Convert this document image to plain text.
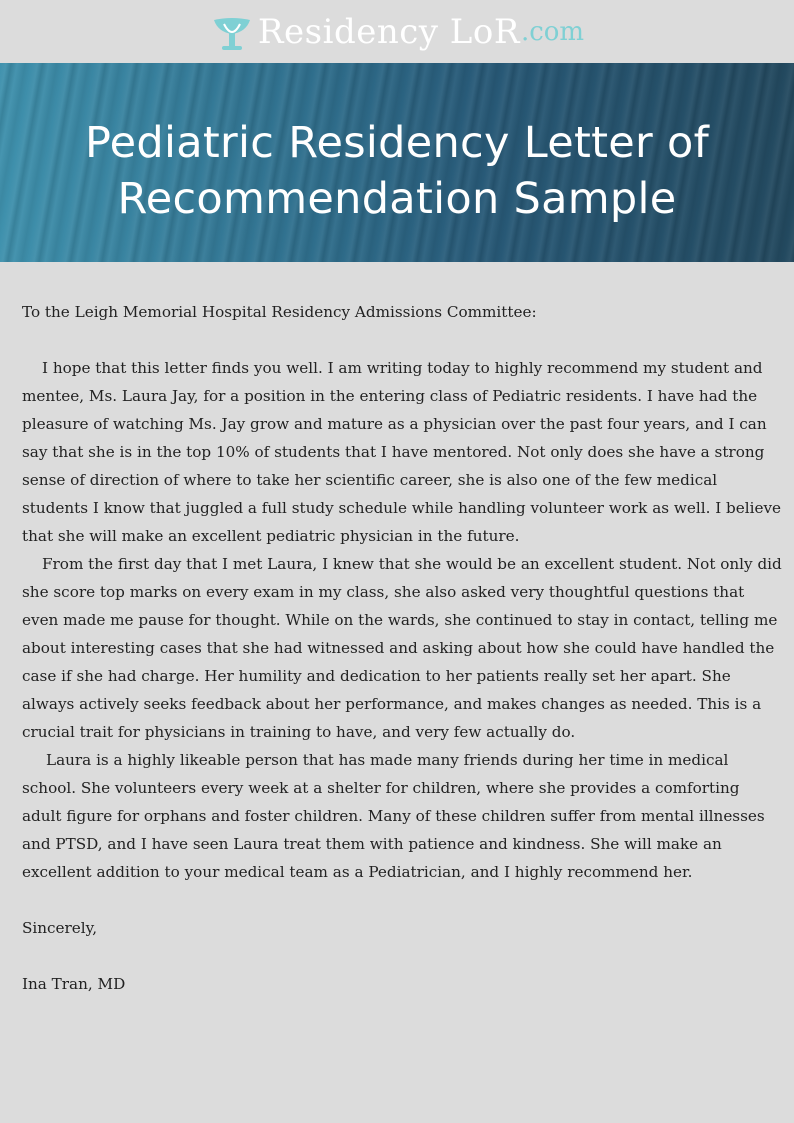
Residency LoR .com
Pediatric Residency Letter of
Recommendation Sample

To the Leigh Memorial Hospital Residency Admissions Committee:

I hope that this letter finds you well. I am writing today to highly recommend my student and mentee, Ms. Laura Jay, for a position in the entering class of Pediatric residents. I have had the pleasure of watching Ms. Jay grow and mature as a physician over the past four years, and I can say that she is in the top 10% of students that I have mentored. Not only does she have a strong sense of direction of where to take her scientific career, she is also one of the few medical students I know that juggled a full study schedule while handling volunteer work as well. I believe that she will make an excellent pediatric physician in the future.

From the first day that I met Laura, I knew that she would be an excellent student. Not only did she score top marks on every exam in my class, she also asked very thoughtful questions that even made me pause for thought. While on the wards, she continued to stay in contact, telling me about interesting cases that she had witnessed and asking about how she could have handled the case if she had charge. Her humility and dedication to her patients really set her apart. She always actively seeks feedback about her performance, and makes changes as needed. This is a crucial trait for physicians in training to have, and very few actually do.

Laura is a highly likeable person that has made many friends during her time in medical school. She volunteers every week at a shelter for children, where she provides a comforting adult figure for orphans and foster children. Many of these children suffer from mental illnesses and PTSD, and I have seen Laura treat them with patience and kindness. She will make an excellent addition to your medical team as a Pediatrician, and I highly recommend her.

Sincerely,

Ina Tran, MD
